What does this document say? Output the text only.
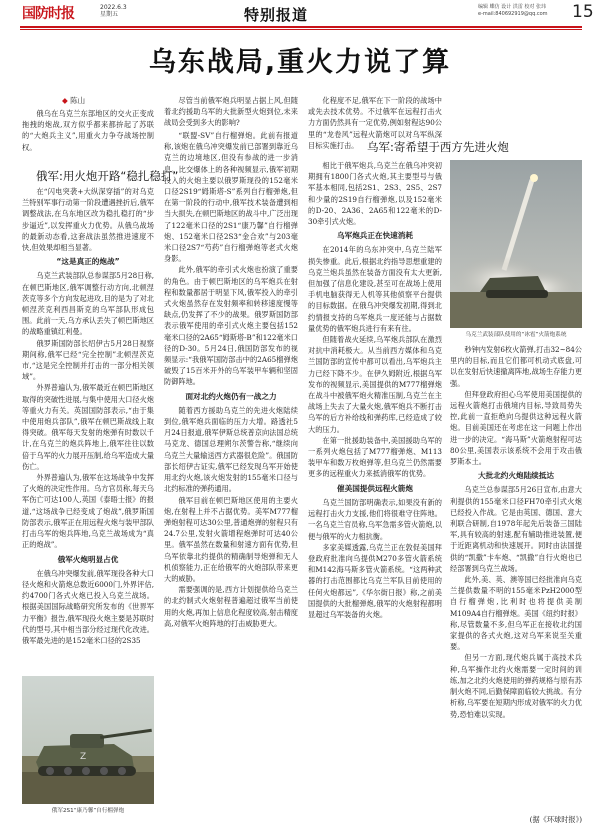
国防时报	2022.6.3
星期五	特别报道	编辑 蝶仿 设计 洪雷 校对 张玮
e-mail:840692919@qq.com 15
乌东战局,重火力说了算
◆ 陈山

俄乌在乌克兰东部地区的交火正变成拖拽的炮战,双方似乎都来都拚起了苏联的“大炮兵主义”,用重火力争夺战场控制权。

俄军:用火炮开路“稳扎稳打”

在“闪电突袭+大纵深穿插”的对乌克兰特别军事行动第一阶段遭遇挫折后,俄军调整战法,在乌东地区改为稳扎稳打的“步步逼近”,以发挥重火力优势。从俄乌战场的最新动态看,这套战法虽然推进速度不快,但效果却相当显著。

“这是真正的炮战”

乌克兰武装部队总参谋部5月28日称,在顿巴斯地区,俄军调整行动方向,北顿涅茨克等多个方向发起进攻,目的是为了对北顿涅茨克利西昌斯克的乌军部队形成包围。此前一天,乌方承认丢失了顿巴斯地区的战略重镇红利曼。

俄罗斯国防部长绍伊古5月28日视察期间称,俄军已经“完全控制”北顿涅茨克市,“这是完全控制并打击的一部分相关领域”。

外界普遍认为,俄军最近在顿巴斯地区取得的突破性进展,与集中使用大口径火炮等重火力有关。英国国防部表示,“由于集中使用炮兵部队”,俄军在顿巴斯战线上取得突破。俄军每天发射的炮弹有时数以千计,在乌克兰的炮兵阵地上,俄军往往以数倍于乌军的火力展开压制,给乌军造成大量伤亡。

外界普遍认为,俄军在这场战争中发挥了火炮的决定性作用。乌方官员称,每天乌军伤亡可达100人,英国《泰晤士报》的报道,“这场战争已经变成了炮战”,俄罗斯国防部表示,俄军正在用远程火炮与装甲部队打击乌军的炮兵阵地,乌克兰战场成为“真正的炮战”。

俄军火炮明显占优

在俄乌冲突爆发前,俄军现役各种大口径火炮和火箭炮总数近6000门,外界评估,约4700门各式火炮已投入乌克兰战场。根据美国国际战略研究所发布的《世界军力平衡》报告,俄军现役火炮主要是苏联时代的型号,其中相当部分经过现代化改进。俄军最先进的是152毫米口径的2S35

Z
俄军2S1“康乃馨”自行榴弹炮

尽管当前俄军炮兵明显占据上风,但随着北约援助乌军的大批新型火炮到位,未来战局会受到多大的影响?

“联盟-SV”自行榴弹炮。此前有报道称,该炮在俄乌冲突爆发前已部署到靠近乌克兰的边境地区,但没有参战的进一步消息。比交爆体上的各种视频显示,俄军初期投入的火炮主要以俄罗斯现役的152毫米口径2S19“姆斯塔-S”系列自行榴弹炮,但在第一阶段的行动中,俄军技术装备遭到相当大损失,在顿巴斯地区的战斗中,广泛出现了122毫米口径的2S1“康乃馨”自行榴弹炮、152毫米口径2S3“金合欢”与203毫米口径2S7“芍药”自行榴弹炮等老式火炮身影。

此外,俄军的牵引式火炮也扮演了重要的角色。由于顿巴斯地区的乌军炮兵在射程和数量都居于明显下风,俄军投入的牵引式火炮虽然存在发射频率和转移速度慢等缺点,仍发挥了不少的战果。俄罗斯国防部表示俄军使用的牵引式火炮主要包括152毫米口径的2A65“姆斯塔-B”和122毫米口径的D-30。5月24日,俄国防部发布的视频显示:“我俄军国防部击中的2A65榴弹炮破毁了15百米开外的乌军装甲车辆和坚固防御阵地。

面对北约火炮仍有一战之力

随着西方援助乌克兰的先进火炮陆续到位,俄军炮兵面临的压力大增。路透社5月24日报道,俄军伊斯总统普京向法国总统马克龙、德国总理朔尔茨警告称,“继续向乌克兰大量输送西方武器很危险”。俄国防部长绍伊古证实,俄军已经发现乌军开始使用北约火炮,该火炮发射的155毫米口径与北约标准的弹药通用。

俄军目前在顿巴斯地区使用的主要火炮,在射程上并不占据优势。美军M777榴弹炮射程可达30公里,普通炮弹的射程只有24.7公里,发射火箭增程炮弹时可达40公里。俄军虽然在数量和射速方面有优势,但乌军依靠北约提供的精确制导炮弹和无人机侦察能力,正在给俄军的火炮部队带来更大的威胁。

需要强调的是,西方计划提供给乌克兰的北约制式火炮射程普遍超过俄军当前使用的火炮,再加上信息化程度较高,射击精度高,对俄军火炮阵地的打击威胁更大。

化程度不足,俄军在下一阶段的战场中或先去技术优势。不过俄军在远程打击火力方面仍然具有一定优势,例如射程达90公里的“龙卷风”远程火箭炮可以对乌军纵深目标实施打击。 乌军:寄希望于西方先进火炮

相比于俄军炮兵,乌克兰在俄乌冲突初期拥有1800门各式火炮,其主要型号与俄军基本相同,包括2S1、2S3、2S5、2S7和少量的2S19自行榴弹炮,以及152毫米的D-20、2A36、2A65和122毫米的D-30牵引式火炮。

乌军炮兵正在快速消耗

在2014年的乌东冲突中,乌克兰陆军损失惨重。此后,根据北约指导思想重建的乌克兰炮兵虽然在装备方面没有太大更新,但加强了信息化建设,甚至可在战场上使用手机电脑获得无人机等其他侦察平台提供的目标数据。在俄乌冲突爆发初期,得到北约情报支持的乌军炮兵一度还能与占据数量优势的俄军炮兵进行有来有往。

但随着战火延续,乌军炮兵部队在激烈对抗中消耗极大。从当前西方媒体和乌克兰国防部的宣传中都可以看出,乌军炮兵主力已经下降不少。在伊久姆附近,根据乌军发布的视频显示,美国提供的M777榴弹炮在战斗中被俄军炮火精准压制,乌克兰在主战场上失去了大量火炮,俄军炮兵不断打击乌军的后方补给线和弹药库,已经造成了较大的压力。

在第一批援助装备中,美国援助乌军的一系列火炮包括了M777榴弹炮、M113装甲车和数万枚炮弹等,但乌克兰仍然需要更多的远程重火力来抵消俄军的优势。

催美国提供远程火箭炮

乌克兰国防部明确表示,如果没有新的远程打击火力支援,他们将很难守住阵地。一名乌克兰官员称,乌军急需多管火箭炮,以便与俄军的火力相抗衡。

多家美媒透露,乌克兰正在敦促美国拜登政府批准向乌提供M270多管火箭系统和M142海马斯多管火箭系统。“这两种武器的打击范围都比乌克兰军队目前使用的任何火炮都远”,《华尔街日报》称,之前美国提供的大批榴弹炮,俄军的火炮射程都明显超过乌军装备的火炮。

乌克兰武装部队使用的“冰雹”火箭炮系统

秒钟内发射6枚火箭弹,打击32~84公里内的目标,而且它们都可机动式底盘,可以在发射后快速撤离阵地,战场生存能力更强。

但拜登政府担心乌军使用美国提供的远程火箭炮打击俄境内目标,导致局势失控,此前一直拒绝向乌提供这种远程火箭炮。目前美国还在考虑在这一问题上作出进一步的决定。“海马斯”火箭炮射程可达80公里,美国表示该系统不会用于攻击俄罗斯本土。

大批北约火炮陆续抵达

乌克兰总参谋部5月26日宣布,由意大利提供的155毫米口径FH70牵引式火炮已经投入作战。它是由英国、德国、意大利联合研制,自1978年起先后装备三国陆军,具有较高的射速,配有辅助推进装置,便于近距离机动和快速展开。同时由法国提供的“凯撒”卡车炮、“凯撒”自行火炮也已经部署到乌克兰战场。

此外,美、英、澳等国已经批准向乌克兰提供数量不明的155毫米PzH2000型自行榴弹炮,比利时也将提供美制M109A4自行榴弹炮。美国《纽约时报》称,尽管数量不多,但乌军正在接收北约国家提供的各式火炮,这对乌军来说至关重要。

但另一方面,现代炮兵属于高技术兵种,乌军操作北约火炮需要一定时间的训练,加之北约火炮使用的弹药规格与原有苏制火炮不同,后勤保障面临较大挑战。有分析称,乌军要在短期内形成对俄军的火力优势,恐怕难以实现。

(据《环球时报》)
